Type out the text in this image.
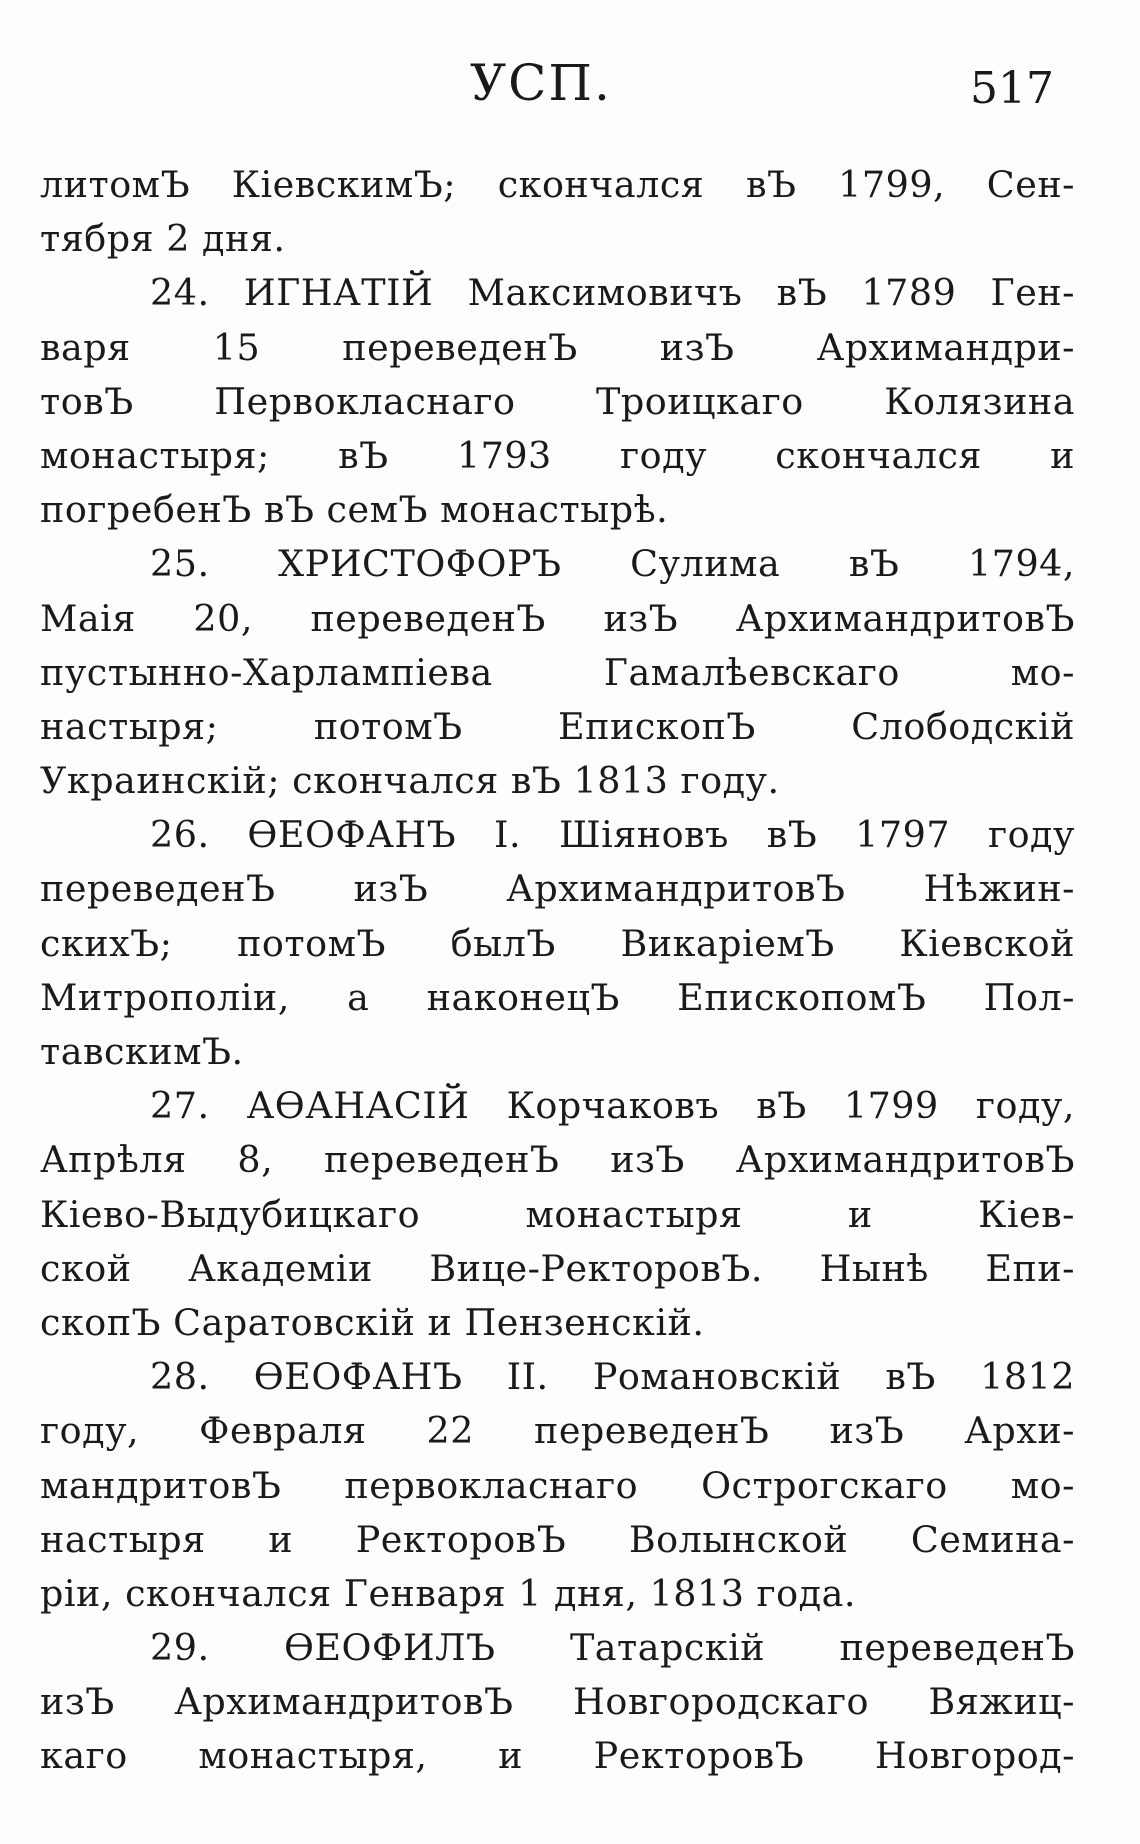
УСП.	517
литомЪ КіевскимЪ; скончался вЪ 1799, Сен-
тября 2 дня.
24. ИГНАТІЙ Максимовичъ вЪ 1789 Ген-
варя 15 переведенЪ изЪ Архимандри-
товЪ Первокласнаго Троицкаго Колязина
монастыря; вЪ 1793 году скончался и
погребенЪ вЪ семЪ монастырѣ.
25. ХРИСТОФОРЪ Сулима вЪ 1794,
Маія 20, переведенЪ изЪ АрхимандритовЪ
пустынно-Харлампіева Гамалѣевскаго мо-
настыря; потомЪ ЕпископЪ Слободскій
Украинскій; скончался вЪ 1813 году.
26. ѲЕОФАНЪ I. Шіяновъ вЪ 1797 году
переведенЪ изЪ АрхимандритовЪ Нѣжин-
скихЪ; потомЪ былЪ ВикаріемЪ Кіевской
Митрополіи, а наконецЪ ЕпископомЪ Пол-
тавскимЪ.
27. АѲАНАСІЙ Корчаковъ вЪ 1799 году,
Апрѣля 8, переведенЪ изЪ АрхимандритовЪ
Кіево-Выдубицкаго монастыря и Кіев-
ской Академіи Вице-РекторовЪ. Нынѣ Епи-
скопЪ Саратовскій и Пензенскій.
28. ѲЕОФАНЪ II. Романовскій вЪ 1812
году, Февраля 22 переведенЪ изЪ Архи-
мандритовЪ первокласнаго Острогскаго мо-
настыря и РекторовЪ Волынской Семина-
ріи, скончался Генваря 1 дня, 1813 года.
29. ѲЕОФИЛЪ Татарскій переведенЪ
изЪ АрхимандритовЪ Новгородскаго Вяжиц-
каго монастыря, и РекторовЪ Новгород-
